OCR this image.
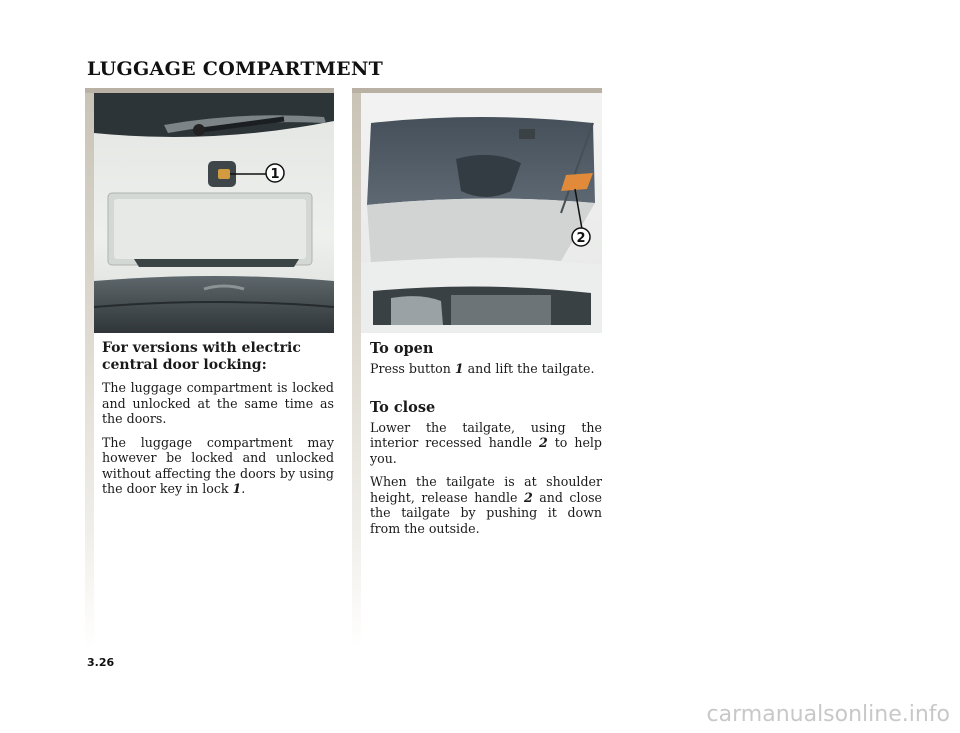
LUGGAGE COMPARTMENT
1
2

For versions with electric central door locking:

The luggage compartment is locked and unlocked at the same time as the doors.

The luggage compartment may however be locked and unlocked without affecting the doors by using the door key in lock 1.

To open

Press button 1 and lift the tailgate.

To close

Lower the tailgate, using the interior recessed handle 2 to help you.

When the tailgate is at shoulder height, release handle 2 and close the tailgate by pushing it down from the outside.

3.26
carmanualsonline.info
